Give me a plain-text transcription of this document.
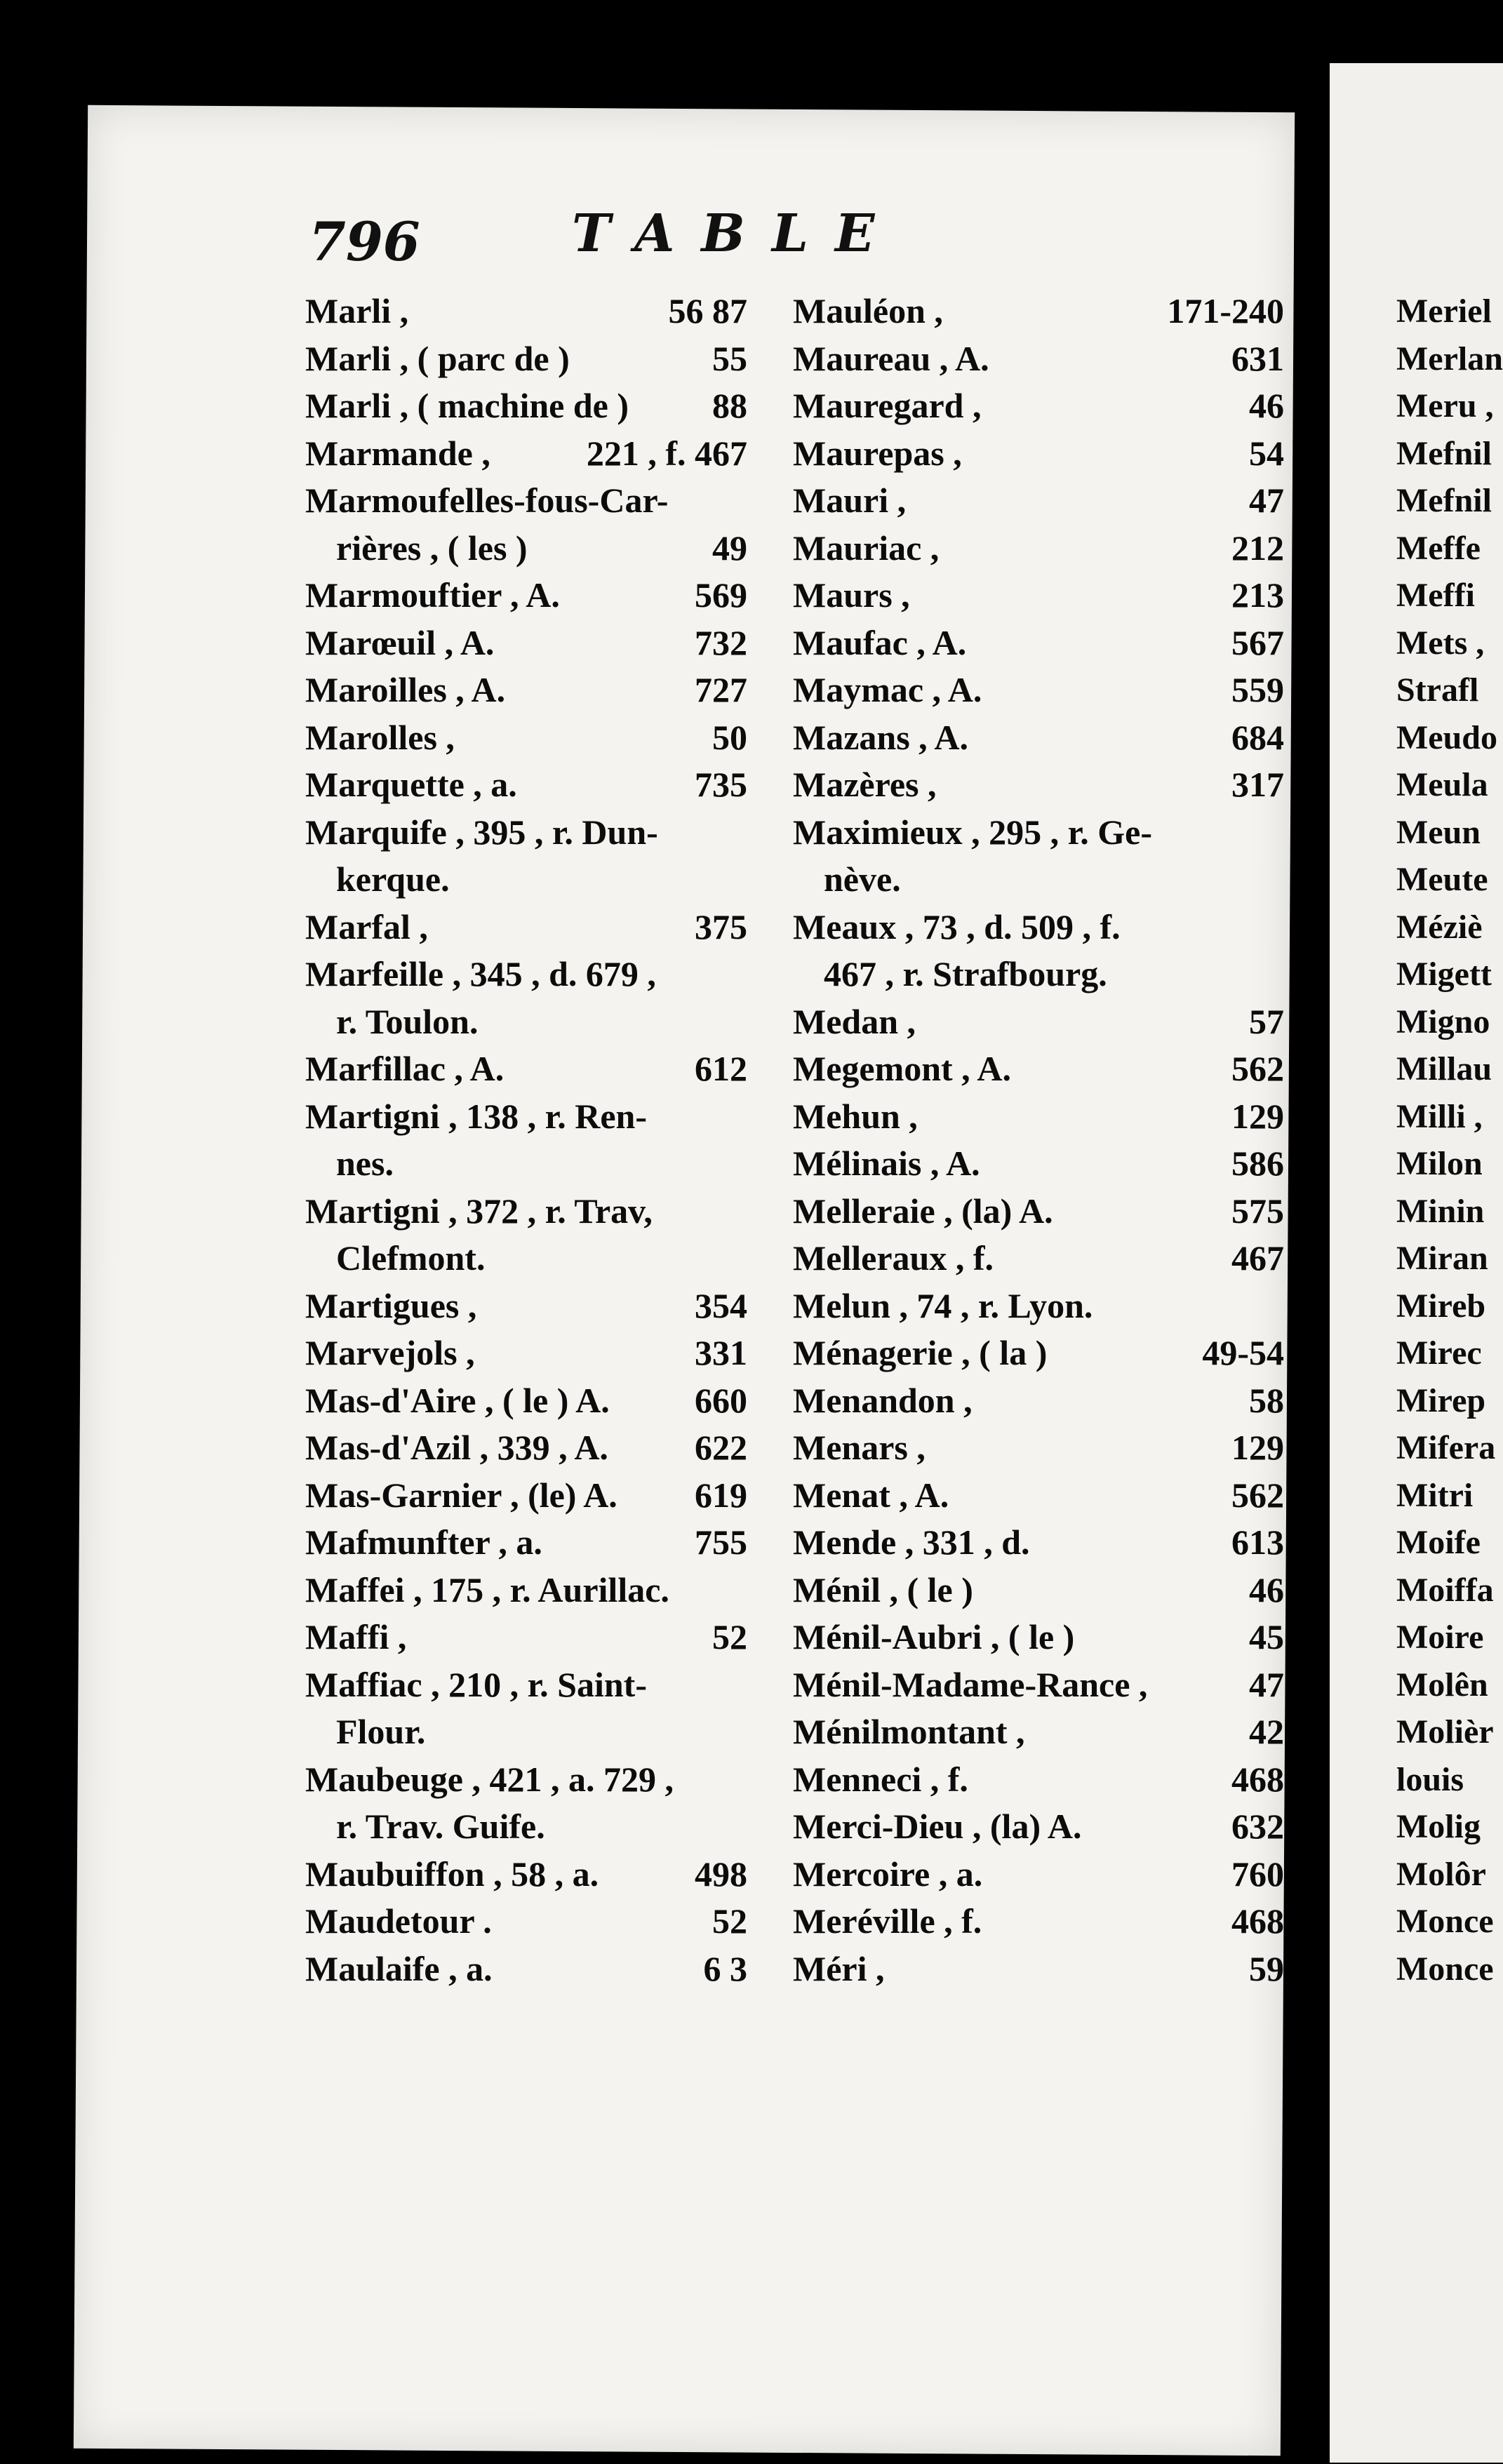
796	TABLE
Marli ,	56 87
Marli , ( parc de )	55
Marli , ( machine de ) 88
Marmande ,	221 , f. 467
Marmoufelles-fous-Car-
rières , ( les )	49
Marmouftier , A.	569
Marœuil , A.	732
Maroilles , A.	727
Marolles ,	50
Marquette , a.	735
Marquife , 395 , r. Dun-
kerque.
Marfal ,	375
Marfeille , 345 , d. 679 ,
r. Toulon.
Marfillac , A.	612
Martigni , 138 , r. Ren-
nes.
Martigni , 372 , r. Trav,
Clefmont.
Martigues ,	354
Marvejols ,	331
Mas-d'Aire , ( le ) A. 660
Mas-d'Azil , 339 , A. 622
Mas-Garnier , (le) A. 619
Mafmunfter , a.	755
Maffei , 175 , r. Aurillac.
Maffi ,	52
Maffiac , 210 , r. Saint-
Flour.
Maubeuge , 421 , a. 729 ,
r. Trav. Guife.
Maubuiffon , 58 , a.	498
Maudetour .	52
Maulaife , a.	6 3
Mauléon ,	171-240
Maureau , A.	631
Mauregard ,	46
Maurepas ,	54
Mauri ,	47
Mauriac ,	212
Maurs ,	213
Maufac , A.	567
Maymac , A.	559
Mazans , A.	684
Mazères ,	317
Maximieux , 295 , r. Ge-
nève.
Meaux , 73 , d. 509 , f.
467 , r. Strafbourg.
Medan ,	57
Megemont , A.	562
Mehun ,	129
Mélinais , A.	586
Melleraie , (la) A.	575
Melleraux , f.	467
Melun , 74 , r. Lyon.
Ménagerie , ( la )	49-54
Menandon ,	58
Menars ,	129
Menat , A.	562
Mende , 331 , d.	613
Ménil , ( le )	46
Ménil-Aubri , ( le )	45
Ménil-Madame-Rance ,	47
Ménilmontant ,	42
Menneci , f.	468
Merci-Dieu , (la) A.	632
Mercoire , a.	760
Meréville , f.	468
Méri ,	59
Meriel
Merlan
Meru ,
Mefnil
Mefnil
Meffe
Meffi
Mets ,
Strafl
Meudo
Meula
Meun
Meute
Méziè
Migett
Migno
Millau
Milli ,
Milon
Minin
Miran
Mireb
Mirec
Mirep
Mifera
Mitri
Moife
Moiffa
Moire
Molên
Molièr
louis
Molig
Molôr
Monce
Monce
